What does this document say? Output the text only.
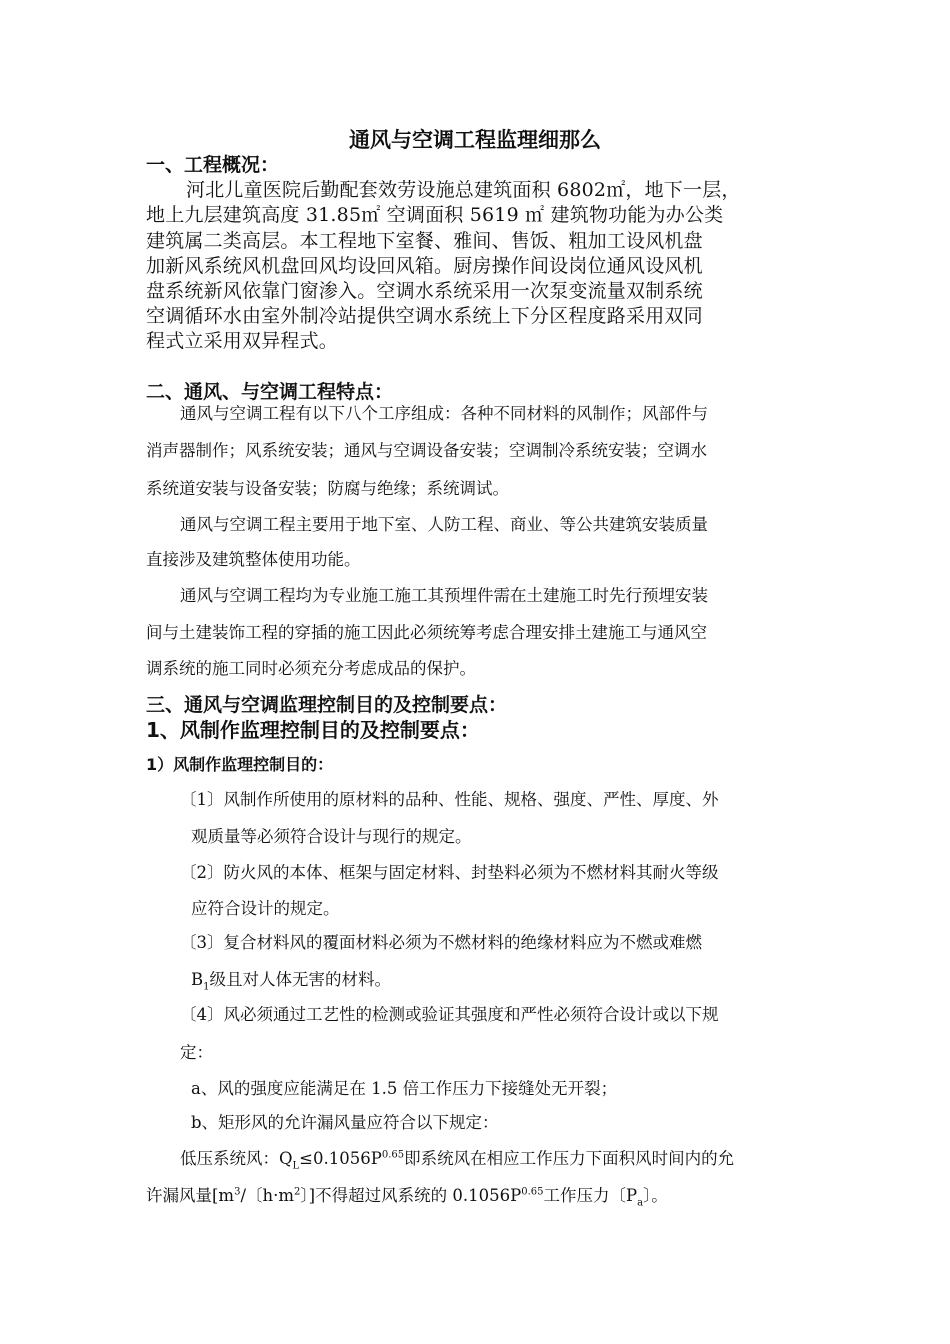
通风与空调工程监理细那么
一、工程概况：
河北儿童医院后勤配套效劳设施总建筑面积 6802㎡，地下一层，
地上九层建筑高度 31.85㎡ 空调面积 5619 ㎡ 建筑物功能为办公类
建筑属二类高层。本工程地下室餐、雅间、售饭、粗加工设风机盘
加新风系统风机盘回风均设回风箱。厨房操作间设岗位通风设风机
盘系统新风依靠门窗渗入。空调水系统采用一次泵变流量双制系统
空调循环水由室外制冷站提供空调水系统上下分区程度路采用双同
程式立采用双异程式。
二、通风、与空调工程特点：
通风与空调工程有以下八个工序组成：各种不同材料的风制作；风部件与
消声器制作；风系统安装；通风与空调设备安装；空调制冷系统安装；空调水
系统道安装与设备安装；防腐与绝缘；系统调试。
通风与空调工程主要用于地下室、人防工程、商业、等公共建筑安装质量
直接涉及建筑整体使用功能。
通风与空调工程均为专业施工施工其预埋件需在土建施工时先行预埋安装
间与土建装饰工程的穿插的施工因此必须统筹考虑合理安排土建施工与通风空
调系统的施工同时必须充分考虑成品的保护。
三、通风与空调监理控制目的及控制要点：
1、风制作监理控制目的及控制要点：
1）风制作监理控制目的：
〔1〕风制作所使用的原材料的品种、性能、规格、强度、严性、厚度、外
观质量等必须符合设计与现行的规定。
〔2〕防火风的本体、框架与固定材料、封垫料必须为不燃材料其耐火等级
应符合设计的规定。
〔3〕复合材料风的覆面材料必须为不燃材料的绝缘材料应为不燃或难燃
$B_1$级且对人体无害的材料。
〔4〕风必须通过工艺性的检测或验证其强度和严性必须符合设计或以下规
定：
a、风的强度应能满足在 1.5 倍工作压力下接缝处无开裂；
b、矩形风的允许漏风量应符合以下规定：
低压系统风：$Q_L\le 0.1056P^{0.65}$即系统风在相应工作压力下面积风时间内的允
许漏风量[$m^3/$〔$h\cdot m^2$〕]不得超过风系统的 $0.1056P^{0.65}$工作压力〔$P_a$〕。
